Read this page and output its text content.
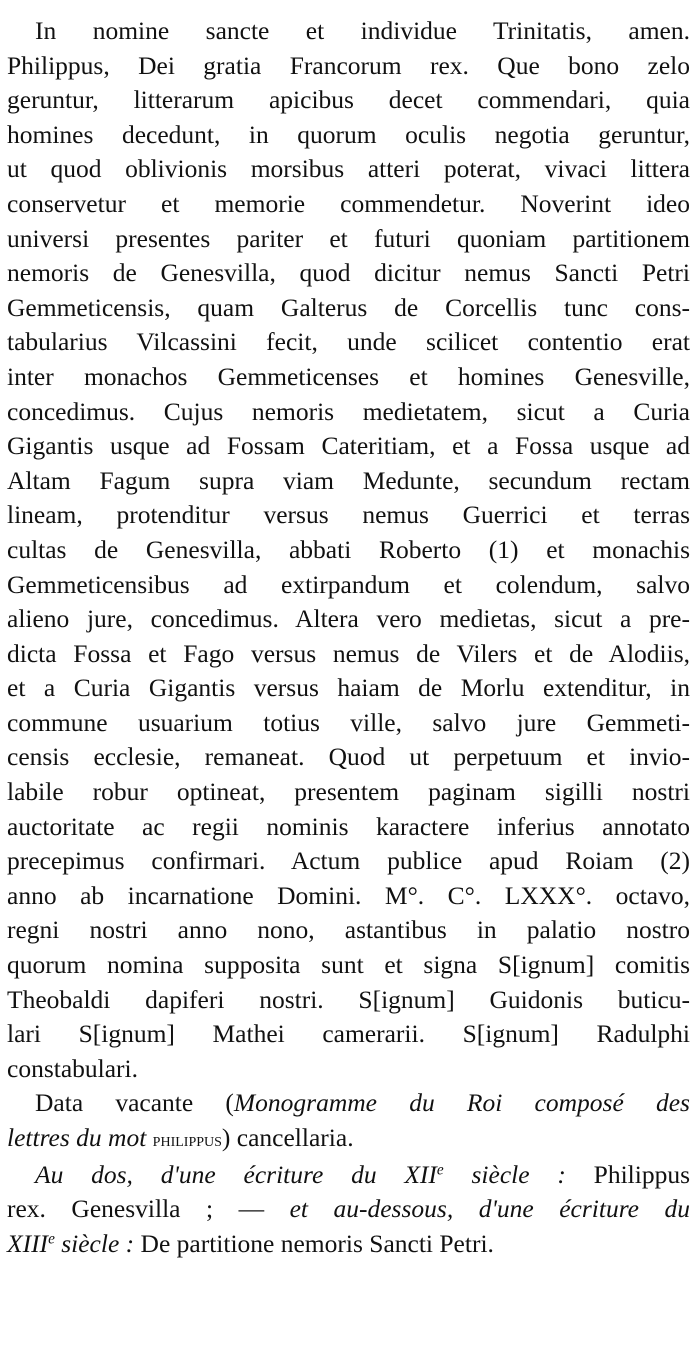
In nomine sancte et individue Trinitatis, amen.
Philippus, Dei gratia Francorum rex. Que bono zelo
geruntur, litterarum apicibus decet commendari, quia
homines decedunt, in quorum oculis negotia geruntur,
ut quod oblivionis morsibus atteri poterat, vivaci littera
conservetur et memorie commendetur. Noverint ideo
universi presentes pariter et futuri quoniam partitionem
nemoris de Genesvilla, quod dicitur nemus Sancti Petri
Gemmeticensis, quam Galterus de Corcellis tunc cons-
tabularius Vilcassini fecit, unde scilicet contentio erat
inter monachos Gemmeticenses et homines Genesville,
concedimus. Cujus nemoris medietatem, sicut a Curia
Gigantis usque ad Fossam Cateritiam, et a Fossa usque ad
Altam Fagum supra viam Medunte, secundum rectam
lineam, protenditur versus nemus Guerrici et terras
cultas de Genesvilla, abbati Roberto (1) et monachis
Gemmeticensibus ad extirpandum et colendum, salvo
alieno jure, concedimus. Altera vero medietas, sicut a pre-
dicta Fossa et Fago versus nemus de Vilers et de Alodiis,
et a Curia Gigantis versus haiam de Morlu extenditur, in
commune usuarium totius ville, salvo jure Gemmeti-
censis ecclesie, remaneat. Quod ut perpetuum et invio-
labile robur optineat, presentem paginam sigilli nostri
auctoritate ac regii nominis karactere inferius annotato
precepimus confirmari. Actum publice apud Roiam (2)
anno ab incarnatione Domini. M°. C°. LXXX°. octavo,
regni nostri anno nono, astantibus in palatio nostro
quorum nomina supposita sunt et signa S[ignum] comitis
Theobaldi dapiferi nostri. S[ignum] Guidonis buticu-
lari S[ignum] Mathei camerarii. S[ignum] Radulphi
constabulari.
Data vacante (Monogramme du Roi composé des
lettres du mot philippus) cancellaria.
Au dos, d'une écriture du XIIe siècle : Philippus
rex. Genesvilla ; — et au-dessous, d'une écriture du
XIIIe siècle : De partitione nemoris Sancti Petri.
